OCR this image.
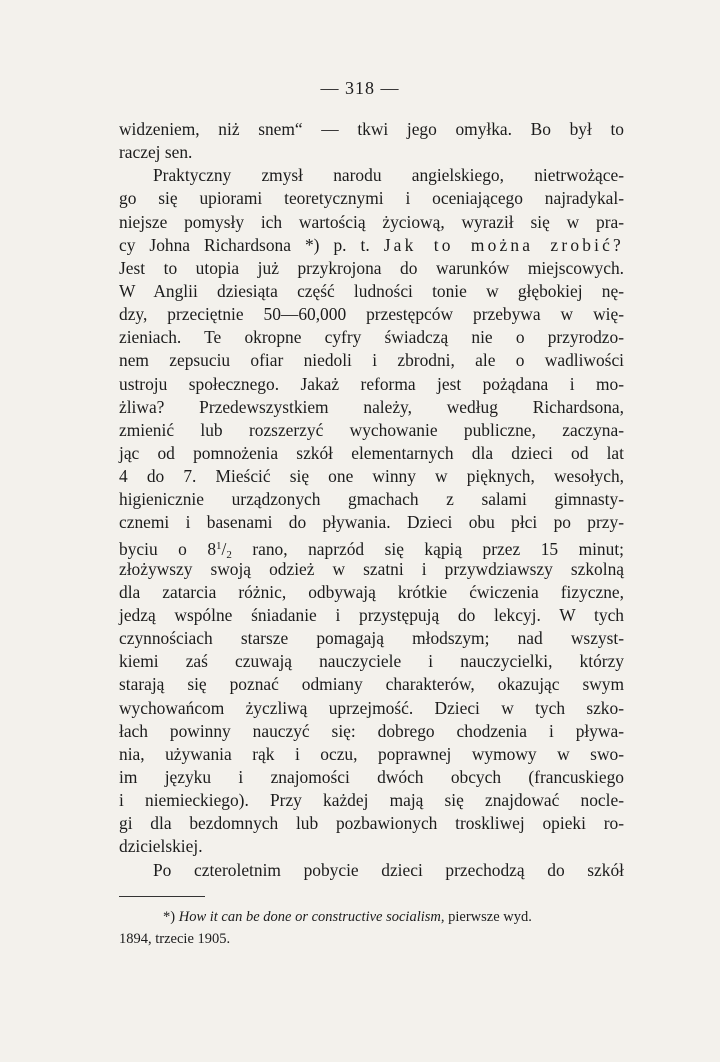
— 318 —
widzeniem, niż snem“ — tkwi jego omyłka. Bo był to
raczej sen.
Praktyczny zmysł narodu angielskiego, nietrwożące-
go się upiorami teoretycznymi i oceniającego najradykal-
niejsze pomysły ich wartością życiową, wyraził się w pra-
cy Johna Richardsona *) p. t. Jak to można zrobić?
Jest to utopia już przykrojona do warunków miejscowych.
W Anglii dziesiąta część ludności tonie w głębokiej nę-
dzy, przeciętnie 50—60,000 przestępców przebywa w wię-
zieniach. Te okropne cyfry świadczą nie o przyrodzo-
nem zepsuciu ofiar niedoli i zbrodni, ale o wadliwości
ustroju społecznego. Jakaż reforma jest pożądana i mo-
żliwa? Przedewszystkiem należy, według Richardsona,
zmienić lub rozszerzyć wychowanie publiczne, zaczyna-
jąc od pomnożenia szkół elementarnych dla dzieci od lat
4 do 7. Mieścić się one winny w pięknych, wesołych,
higienicznie urządzonych gmachach z salami gimnasty-
cznemi i basenami do pływania. Dzieci obu płci po przy-
byciu o $8^1/_2$ rano, naprzód się kąpią przez 15 minut;
złożywszy swoją odzież w szatni i przywdziawszy szkolną
dla zatarcia różnic, odbywają krótkie ćwiczenia fizyczne,
jedzą wspólne śniadanie i przystępują do lekcyj. W tych
czynnościach starsze pomagają młodszym; nad wszyst-
kiemi zaś czuwają nauczyciele i nauczycielki, którzy
starają się poznać odmiany charakterów, okazując swym
wychowańcom życzliwą uprzejmość. Dzieci w tych szko-
łach powinny nauczyć się: dobrego chodzenia i pływa-
nia, używania rąk i oczu, poprawnej wymowy w swo-
im języku i znajomości dwóch obcych (francuskiego
i niemieckiego). Przy każdej mają się znajdować nocle-
gi dla bezdomnych lub pozbawionych troskliwej opieki ro-
dzicielskiej.
Po czteroletnim pobycie dzieci przechodzą do szkół
*) How it can be done or constructive socialism, pierwsze wyd.
1894, trzecie 1905.
